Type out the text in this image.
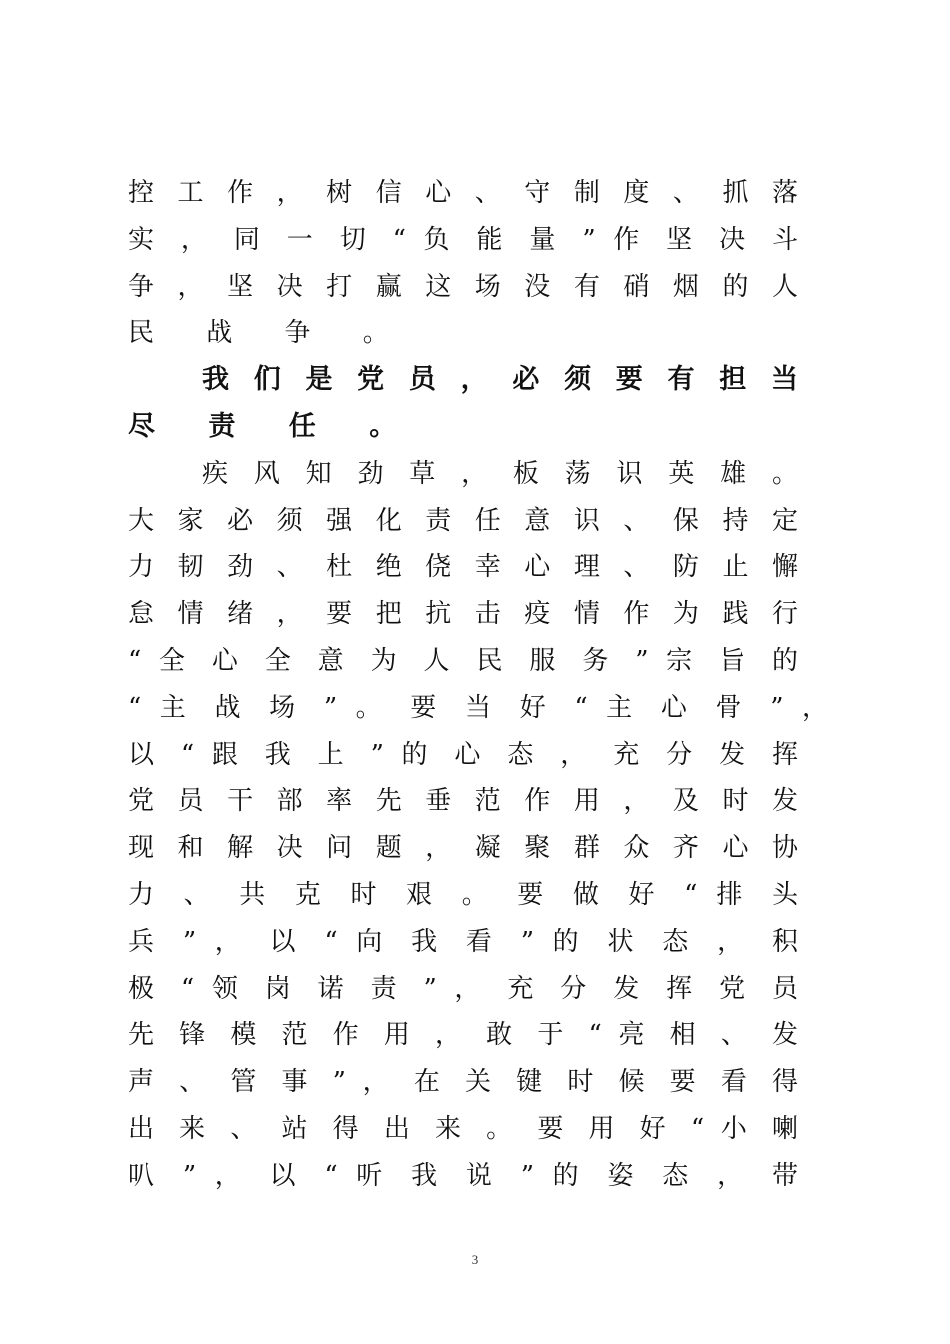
控 工 作 ， 树 信 心 、 守 制 度 、 抓 落
实 ， 同 一 切 “ 负 能 量 ” 作 坚 决 斗
争 ， 坚 决 打 赢 这 场 没 有 硝 烟 的 人
民 战 争 。
我 们 是 党 员 ， 必 须 要 有 担 当
尽 责 任 。
疾 风 知 劲 草 ， 板 荡 识 英 雄 。
大 家 必 须 强 化 责 任 意 识 、 保 持 定
力 韧 劲 、 杜 绝 侥 幸 心 理 、 防 止 懈
怠 情 绪 ， 要 把 抗 击 疫 情 作 为 践 行
“ 全 心 全 意 为 人 民 服 务 ” 宗 旨 的
“ 主 战 场 ” 。 要 当 好 “ 主 心 骨 ” ，
以 “ 跟 我 上 ” 的 心 态 ， 充 分 发 挥
党 员 干 部 率 先 垂 范 作 用 ， 及 时 发
现 和 解 决 问 题 ， 凝 聚 群 众 齐 心 协
力 、 共 克 时 艰 。 要 做 好 “ 排 头
兵 ” ， 以 “ 向 我 看 ” 的 状 态 ， 积
极 “ 领 岗 诺 责 ” ， 充 分 发 挥 党 员
先 锋 模 范 作 用 ， 敢 于 “ 亮 相 、 发
声 、 管 事 ” ， 在 关 键 时 候 要 看 得
出 来 、 站 得 出 来 。 要 用 好 “ 小 喇
叭 ” ， 以 “ 听 我 说 ” 的 姿 态 ， 带
3
